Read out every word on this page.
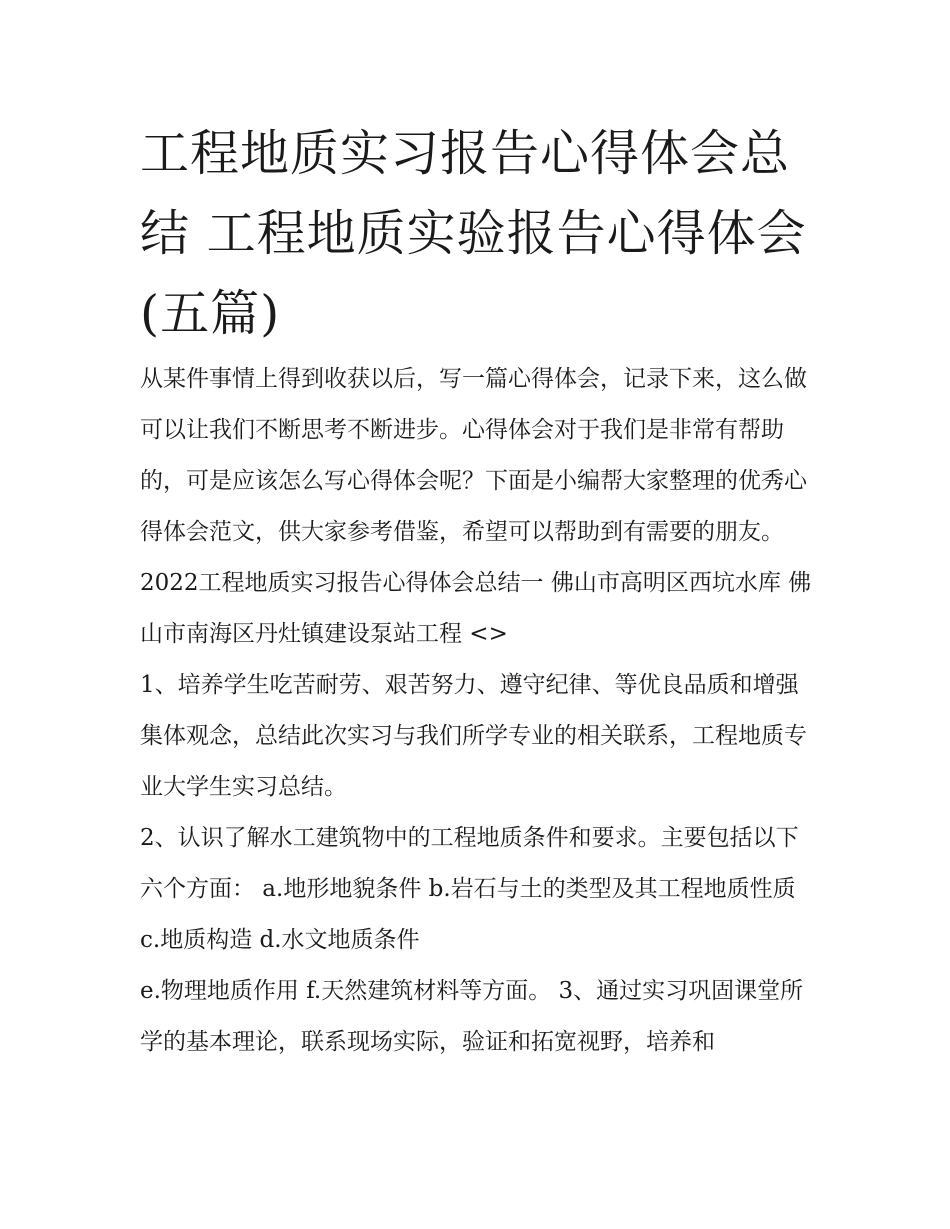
工程地质实习报告心得体会总结 工程地质实验报告心得体会(五篇)

从某件事情上得到收获以后，写一篇心得体会，记录下来，这么做可以让我们不断思考不断进步。心得体会对于我们是非常有帮助的，可是应该怎么写心得体会呢？下面是小编帮大家整理的优秀心得体会范文，供大家参考借鉴，希望可以帮助到有需要的朋友。

2022工程地质实习报告心得体会总结一 佛山市高明区西坑水库 佛山市南海区丹灶镇建设泵站工程 <>

1、培养学生吃苦耐劳、艰苦努力、遵守纪律、等优良品质和增强集体观念，总结此次实习与我们所学专业的相关联系，工程地质专业大学生实习总结。

2、认识了解水工建筑物中的工程地质条件和要求。主要包括以下六个方面： a.地形地貌条件 b.岩石与土的类型及其工程地质性质 c.地质构造 d.水文地质条件

e.物理地质作用 f.天然建筑材料等方面。 3、通过实习巩固课堂所学的基本理论，联系现场实际，验证和拓宽视野，培养和
